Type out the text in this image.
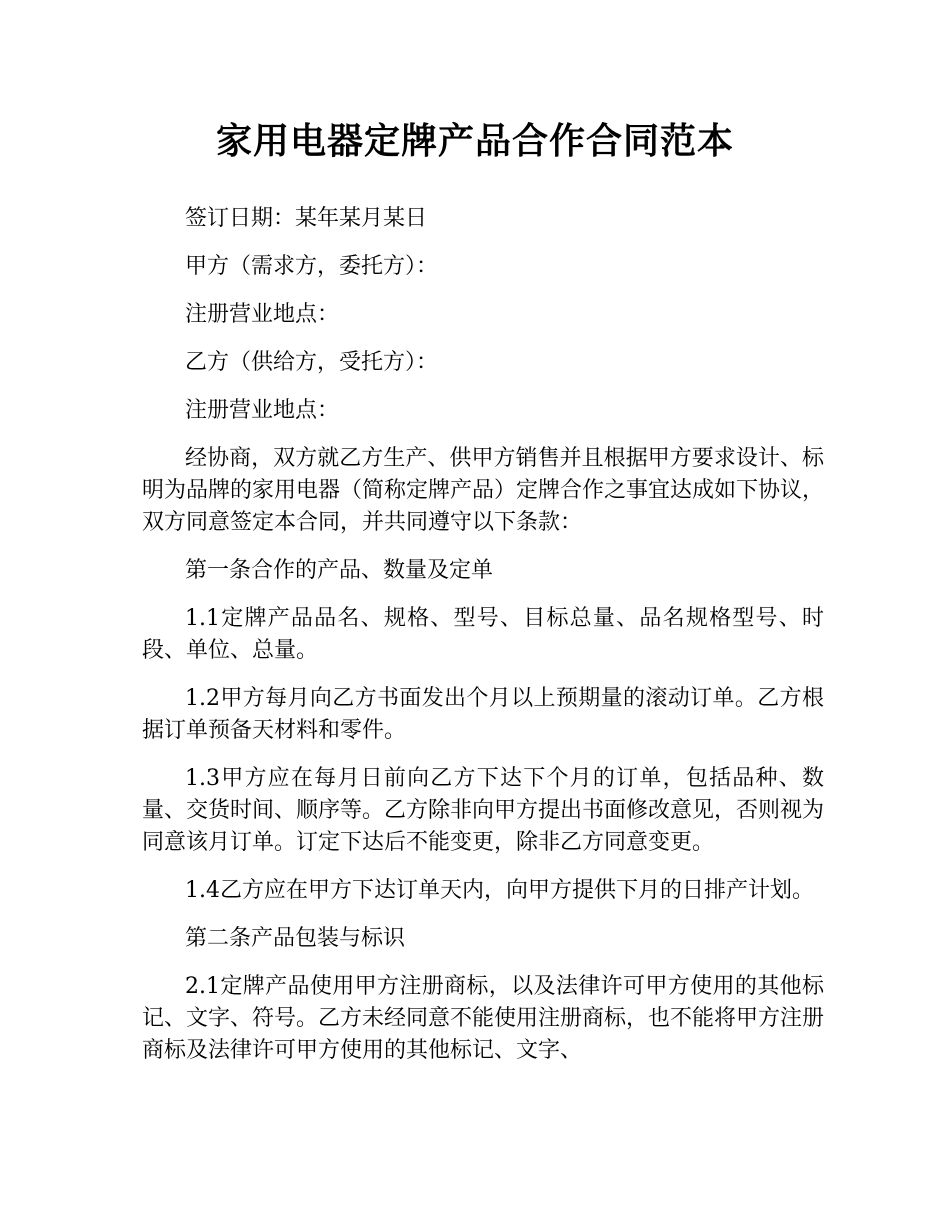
家用电器定牌产品合作合同范本

签订日期：某年某月某日

甲方（需求方，委托方）：

注册营业地点：

乙方（供给方，受托方）：

注册营业地点：

经协商，双方就乙方生产、供甲方销售并且根据甲方要求设计、标明为品牌的家用电器（简称定牌产品）定牌合作之事宜达成如下协议，双方同意签定本合同，并共同遵守以下条款：

第一条合作的产品、数量及定单

1.1定牌产品品名、规格、型号、目标总量、品名规格型号、时段、单位、总量。

1.2甲方每月向乙方书面发出个月以上预期量的滚动订单。乙方根据订单预备天材料和零件。

1.3甲方应在每月日前向乙方下达下个月的订单，包括品种、数量、交货时间、顺序等。乙方除非向甲方提出书面修改意见，否则视为同意该月订单。订定下达后不能变更，除非乙方同意变更。

1.4乙方应在甲方下达订单天内，向甲方提供下月的日排产计划。

第二条产品包装与标识

2.1定牌产品使用甲方注册商标，以及法律许可甲方使用的其他标记、文字、符号。乙方未经同意不能使用注册商标，也不能将甲方注册商标及法律许可甲方使用的其他标记、文字、
